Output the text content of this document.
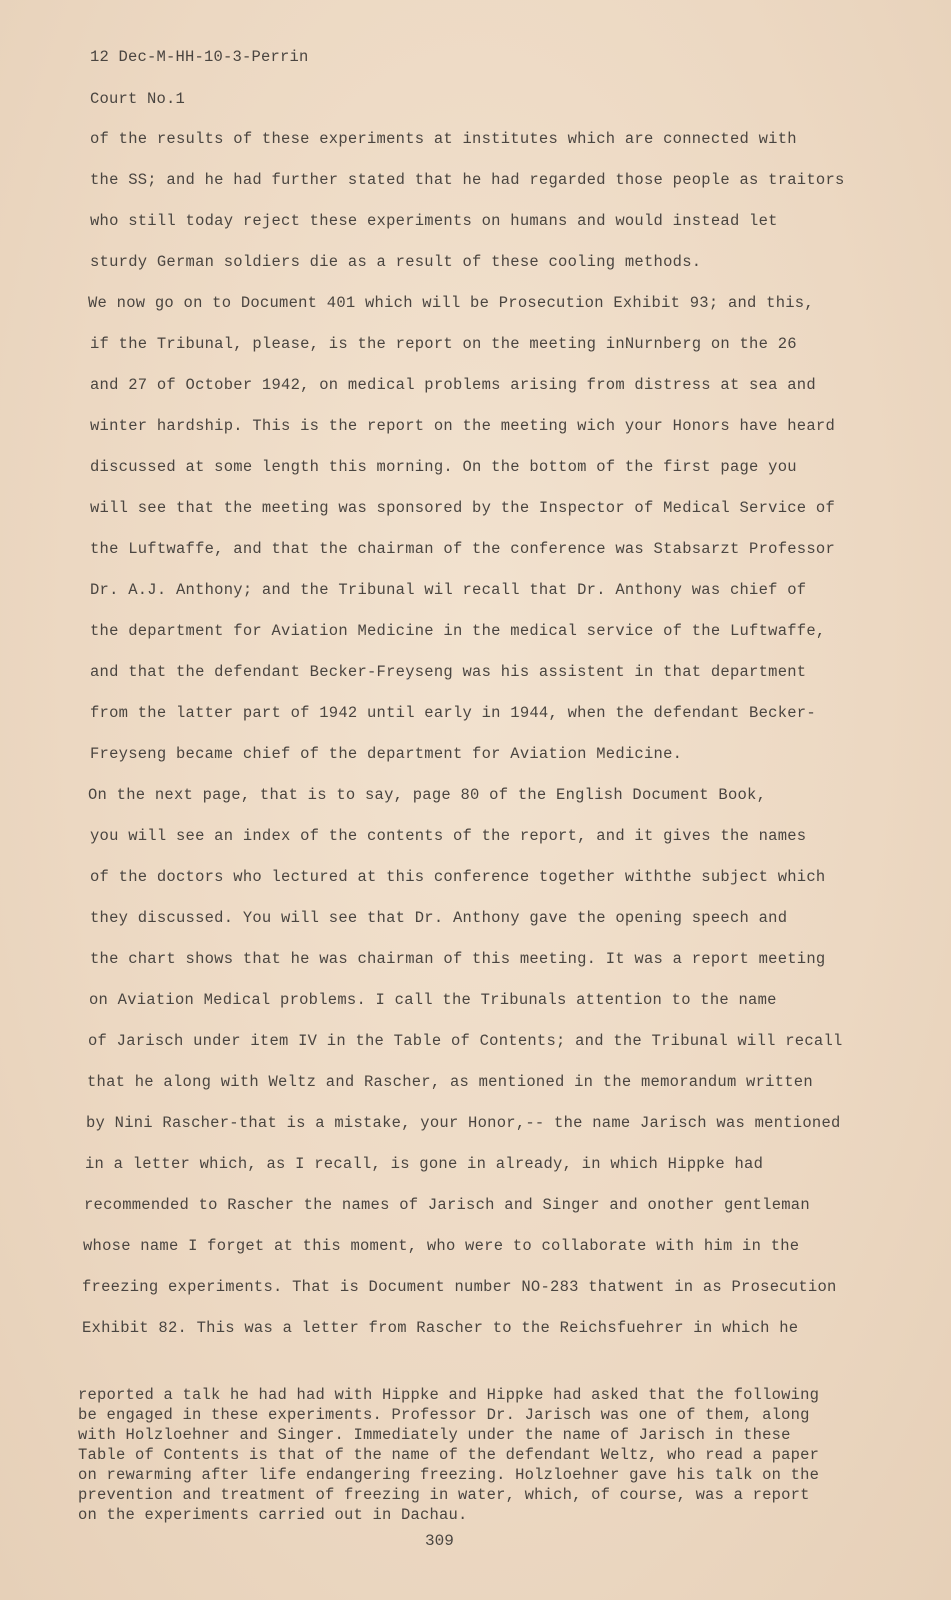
12 Dec-M-HH-10-3-Perrin
Court No.1
of the results of these experiments at institutes which are connected with
the SS; and he had further stated that he had regarded those people as traitors
who still today reject these experiments on humans and would instead let
sturdy German soldiers die as a result of these cooling methods.
We now go on to Document 401 which will be Prosecution Exhibit 93; and this,
if the Tribunal, please, is the report on the meeting inNurnberg on the 26
and 27 of October 1942, on medical problems arising from distress at sea and
winter hardship. This is the report on the meeting wich your Honors have heard
discussed at some length this morning. On the bottom of the first page you
will see that the meeting was sponsored by the Inspector of Medical Service of
the Luftwaffe, and that the chairman of the conference was Stabsarzt Professor
Dr. A.J. Anthony; and the Tribunal wil recall that Dr. Anthony was chief of
the department for Aviation Medicine in the medical service of the Luftwaffe,
and that the defendant Becker-Freyseng was his assistent in that department
from the latter part of 1942 until early in 1944, when the defendant Becker-
Freyseng became chief of the department for Aviation Medicine.
On the next page, that is to say, page 80 of the English Document Book,
you will see an index of the contents of the report, and it gives the names
of the doctors who lectured at this conference together withthe subject which
they discussed. You will see that Dr. Anthony gave the opening speech and
the chart shows that he was chairman of this meeting. It was a report meeting
on Aviation Medical problems. I call the Tribunals attention to the name
of Jarisch under item IV in the Table of Contents; and the Tribunal will recall
that he along with Weltz and Rascher, as mentioned in the memorandum written
by Nini Rascher-that is a mistake, your Honor,-- the name Jarisch was mentioned
in a letter which, as I recall, is gone in already, in which Hippke had
recommended to Rascher the names of Jarisch and Singer and onother gentleman
whose name I forget at this moment, who were to collaborate with him in the
freezing experiments. That is Document number NO-283 thatwent in as Prosecution
Exhibit 82. This was a letter from Rascher to the Reichsfuehrer in which he
reported a talk he had had with Hippke and Hippke had asked that the following
be engaged in these experiments. Professor Dr. Jarisch was one of them, along
with Holzloehner and Singer. Immediately under the name of Jarisch in these
Table of Contents is that of the name of the defendant Weltz, who read a paper
on rewarming after life endangering freezing. Holzloehner gave his talk on the
prevention and treatment of freezing in water, which, of course, was a report
on the experiments carried out in Dachau.
309
